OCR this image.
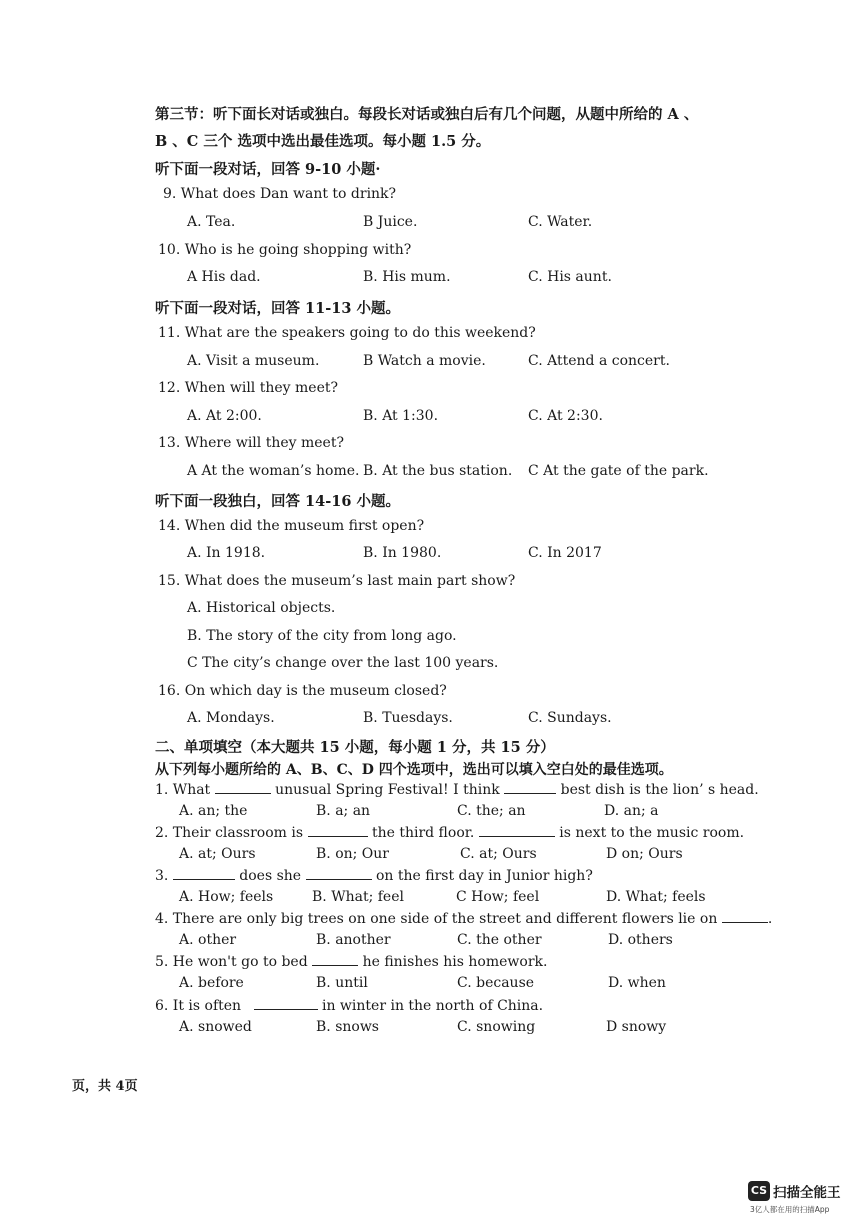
第三节：听下面长对话或独白。每段长对话或独白后有几个问题，从题中所给的 A 、
B 、C 三个 选项中选出最佳选项。每小题 1.5 分。
听下面一段对话，回答 9-10 小题·
9. What does Dan want to drink?
A. Tea.	B Juice.	C. Water.
10. Who is he going shopping with?
A His dad.	B. His mum.	C. His aunt.
听下面一段对话，回答 11-13 小题。
11. What are the speakers going to do this weekend?
A. Visit a museum.	B Watch a movie.	C. Attend a concert.
12. When will they meet?
A. At 2:00.	B. At 1:30.	C. At 2:30.
13. Where will they meet?
A At the woman’s home. B. At the bus station. C At the gate of the park.
听下面一段独白，回答 14-16 小题。
14. When did the museum first open?
A. In 1918.	B. In 1980.	C. In 2017
15. What does the museum’s last main part show?
A. Historical objects.
B. The story of the city from long ago.
C The city’s change over the last 100 years.
16. On which day is the museum closed?
A. Mondays.	B. Tuesdays.	C. Sundays.
二、单项填空（本大题共 15 小题，每小题 1 分，共 15 分）
从下列每小题所给的 A、B、C、D 四个选项中，选出可以填入空白处的最佳选项。
1. What	unusual Spring Festival! I think	best dish is the lion’ s head.
A. an; the	B. a; an	C. the; an	D. an; a
2. Their classroom is	the third floor.	is next to the music room.
A. at; Ours	B. on; Our	C. at; Ours	D on; Ours
3.	does she	on the first day in Junior high?
A. How; feels	B. What; feel	C How; feel	D. What; feels
4. There are only big trees on one side of the street and different flowers lie on	.
A. other	B. another	C. the other	D. others
5. He won't go to bed	he finishes his homework.
A. before	B. until	C. because	D. when
6. It is often	in winter in the north of China.
A. snowed	B. snows	C. snowing	D snowy
页，共 4页
CS 扫描全能王
3亿人都在用的扫描App
